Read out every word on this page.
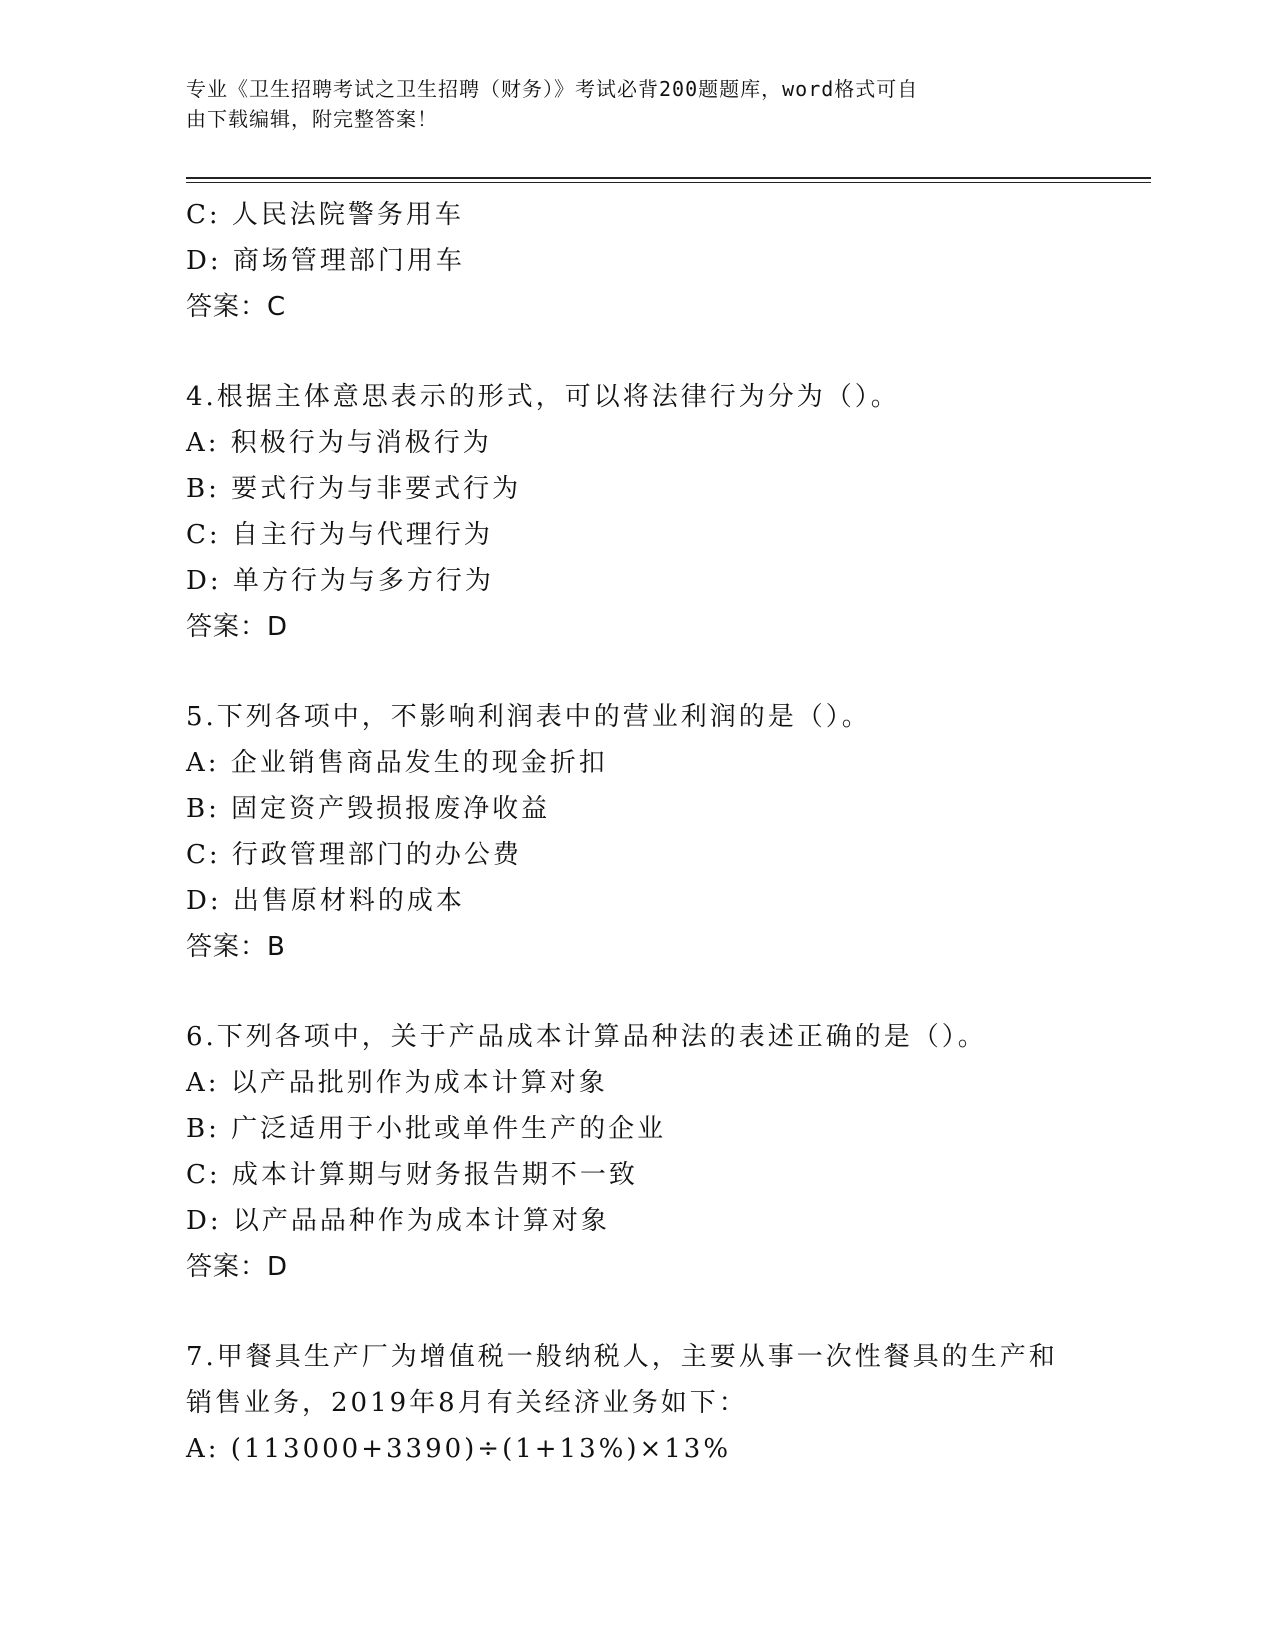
专业《卫生招聘考试之卫生招聘（财务）》考试必背200题题库，word格式可自
由下载编辑，附完整答案！
C: 人民法院警务用车
D: 商场管理部门用车
答案：C
4.根据主体意思表示的形式，可以将法律行为分为（）。
A: 积极行为与消极行为
B: 要式行为与非要式行为
C: 自主行为与代理行为
D: 单方行为与多方行为
答案：D
5.下列各项中，不影响利润表中的营业利润的是（）。
A: 企业销售商品发生的现金折扣
B: 固定资产毁损报废净收益
C: 行政管理部门的办公费
D: 出售原材料的成本
答案：B
6.下列各项中，关于产品成本计算品种法的表述正确的是（）。
A: 以产品批别作为成本计算对象
B: 广泛适用于小批或单件生产的企业
C: 成本计算期与财务报告期不一致
D: 以产品品种作为成本计算对象
答案：D
7.甲餐具生产厂为增值税一般纳税人，主要从事一次性餐具的生产和
销售业务，2019年8月有关经济业务如下：
A: (113000+3390)÷(1+13%)×13%
